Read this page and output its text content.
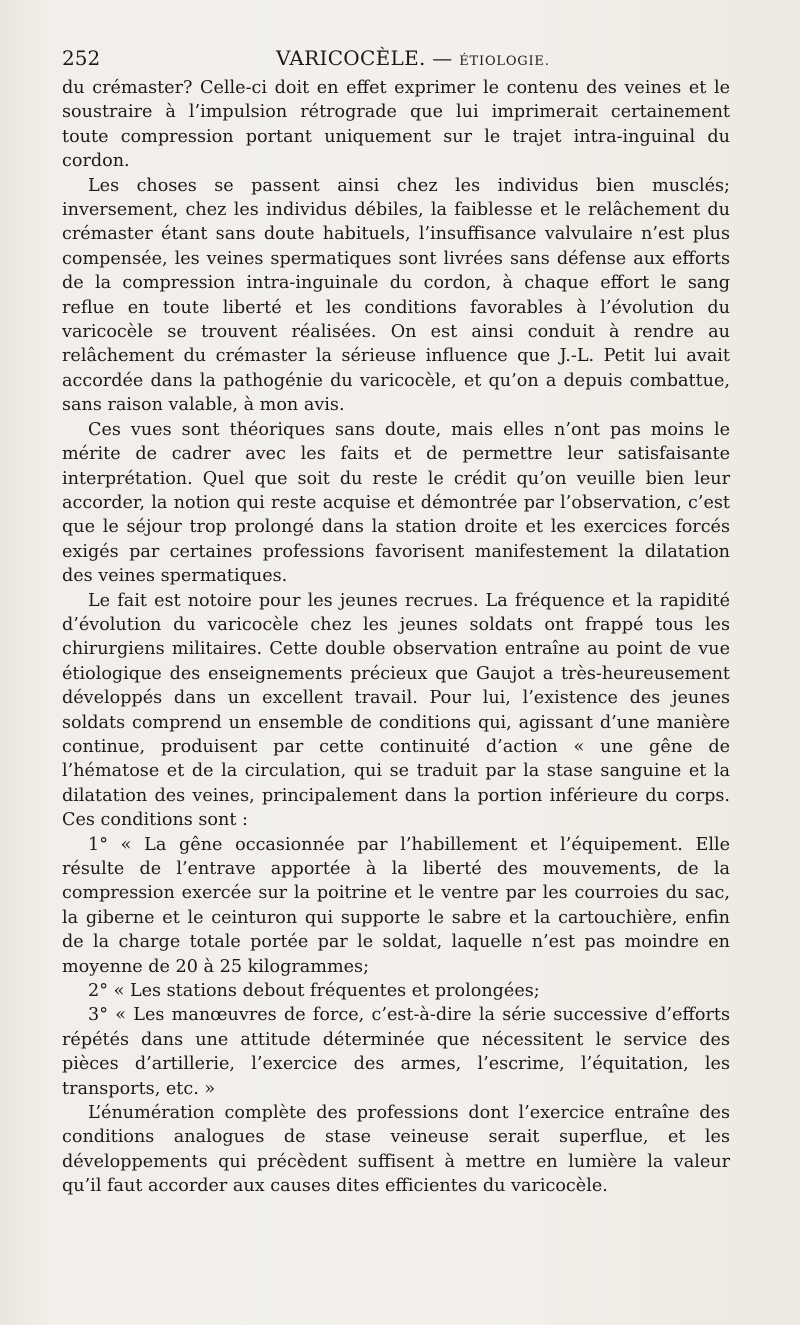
252	VARICOCÈLE. — ÉTIOLOGIE.

du crémaster? Celle-ci doit en effet exprimer le contenu des veines et le soustraire à l’impulsion rétrograde que lui imprimerait certainement toute compression portant uniquement sur le trajet intra-inguinal du cordon.

Les choses se passent ainsi chez les individus bien musclés; inversement, chez les individus débiles, la faiblesse et le relâchement du crémaster étant sans doute habituels, l’insuffisance valvulaire n’est plus compensée, les veines spermatiques sont livrées sans défense aux efforts de la compression intra-inguinale du cordon, à chaque effort le sang reflue en toute liberté et les conditions favorables à l’évolution du varicocèle se trouvent réalisées. On est ainsi conduit à rendre au relâchement du crémaster la sérieuse influence que J.-L. Petit lui avait accordée dans la pathogénie du varicocèle, et qu’on a depuis combattue, sans raison valable, à mon avis.

Ces vues sont théoriques sans doute, mais elles n’ont pas moins le mérite de cadrer avec les faits et de permettre leur satisfaisante interprétation. Quel que soit du reste le crédit qu’on veuille bien leur accorder, la notion qui reste acquise et démontrée par l’observation, c’est que le séjour trop prolongé dans la station droite et les exercices forcés exigés par certaines professions favorisent manifestement la dilatation des veines spermatiques.

Le fait est notoire pour les jeunes recrues. La fréquence et la rapidité d’évolution du varicocèle chez les jeunes soldats ont frappé tous les chirurgiens militaires. Cette double observation entraîne au point de vue étiologique des enseignements précieux que Gaujot a très-heureusement développés dans un excellent travail. Pour lui, l’existence des jeunes soldats comprend un ensemble de conditions qui, agissant d’une manière continue, produisent par cette continuité d’action « une gêne de l’hématose et de la circulation, qui se traduit par la stase sanguine et la dilatation des veines, principalement dans la portion inférieure du corps. Ces conditions sont :

1° « La gêne occasionnée par l’habillement et l’équipement. Elle résulte de l’entrave apportée à la liberté des mouvements, de la compression exercée sur la poitrine et le ventre par les courroies du sac, la giberne et le ceinturon qui supporte le sabre et la cartouchière, enfin de la charge totale portée par le soldat, laquelle n’est pas moindre en moyenne de 20 à 25 kilogrammes;

2° « Les stations debout fréquentes et prolongées;

3° « Les manœuvres de force, c’est-à-dire la série successive d’efforts répétés dans une attitude déterminée que nécessitent le service des pièces d’artillerie, l’exercice des armes, l’escrime, l’équitation, les transports, etc. »

L’énumération complète des professions dont l’exercice entraîne des conditions analogues de stase veineuse serait superflue, et les développements qui précèdent suffisent à mettre en lumière la valeur qu’il faut accorder aux causes dites efficientes du varicocèle.
